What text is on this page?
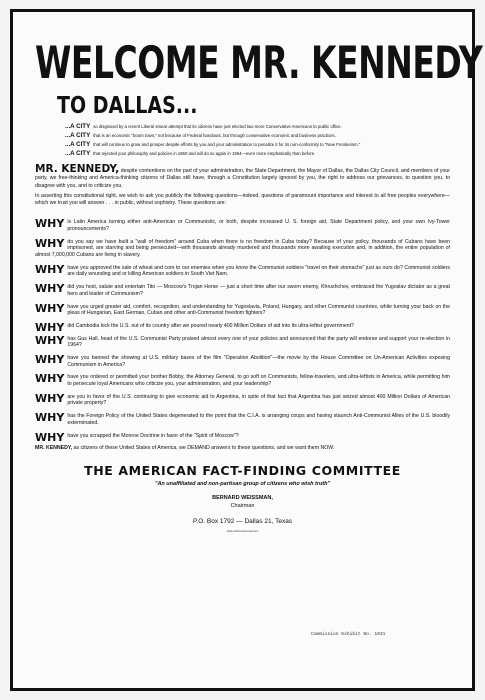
WELCOME MR. KENNEDY
TO DALLAS...
...A CITY so disgraced by a recent Liberal smear attempt that its citizens have just elected two more Conservative Americans to public office.
...A CITY that is an economic "boom town," not because of Federal handouts, but through conservative economic and business practices.
...A CITY that will continue to grow and prosper despite efforts by you and your administration to penalize it for its non-conformity to "New Frontierism."
...A CITY that rejected your philosophy and policies in 1960 and will do so again in 1964—even more emphatically than before.

MR. KENNEDY, despite contentions on the part of your administration, the State Department, the Mayor of Dallas, the Dallas City Council, and members of your party, we free-thinking and America-thinking citizens of Dallas still have, through a Constitution largely ignored by you, the right to address our grievances, to question you, to disagree with you, and to criticize you.

In asserting this constitutional right, we wish to ask you publicly the following questions—indeed, questions of paramount importance and interest to all free peoples everywhere—which we trust you will answer . . . in public, without sophistry. These questions are:

WHY is Latin America turning either anti-American or Communistic, or both, despite increased U. S. foreign aid, State Department policy, and your own Ivy-Tower pronouncements?
WHY do you say we have built a "wall of freedom" around Cuba when there is no freedom in Cuba today? Because of your policy, thousands of Cubans have been imprisoned, are starving and being persecuted—with thousands already murdered and thousands more awaiting execution and, in addition, the entire population of almost 7,000,000 Cubans are living in slavery.
WHY have you approved the sale of wheat and corn to our enemies when you know the Communist soldiers "travel on their stomachs" just as ours do? Communist soldiers are daily wounding and or killing American soldiers in South Viet Nam.
WHY did you host, salute and entertain Tito — Moscow's Trojan Horse — just a short time after our sworn enemy, Khrushchev, embraced the Yugoslav dictator as a great hero and leader of Communism?
WHY have you urged greater aid, comfort, recognition, and understanding for Yugoslavia, Poland, Hungary, and other Communist countries, while turning your back on the pleas of Hungarian, East German, Cuban and other anti-Communist freedom fighters?
WHY did Cambodia kick the U.S. out of its country after we poured nearly 400 Million Dollars of aid into its ultra-leftist government?
WHY has Gus Hall, head of the U.S. Communist Party praised almost every one of your policies and announced that the party will endorse and support your re-election in 1964?
WHY have you banned the showing at U.S. military bases of the film "Operation Abolition"—the movie by the House Committee on Un-American Activities exposing Communism in America?
WHY have you ordered or permitted your brother Bobby, the Attorney General, to go soft on Communists, fellow-travelers, and ultra-leftists in America, while permitting him to persecute loyal Americans who criticize you, your administration, and your leadership?
WHY are you in favor of the U.S. continuing to give economic aid to Argentina, in spite of that fact that Argentina has just seized almost 400 Million Dollars of American private property?
WHY has the Foreign Policy of the United States degenerated to the point that the C.I.A. is arranging coups and having staunch Anti-Communist Allies of the U.S. bloodily exterminated.
WHY have you scrapped the Monroe Doctrine in favor of the "Spirit of Moscow"?
MR. KENNEDY, as citizens of these United States of America, we DEMAND answers to these questions, and we want them NOW.
THE AMERICAN FACT-FINDING COMMITTEE
"An unaffiliated and non-partisan group of citizens who wish truth"
BERNARD WEISSMAN,
Chairman
P.O. Box 1792 — Dallas 21, Texas
Paid political advertisement
Commission Exhibit No. 1031
